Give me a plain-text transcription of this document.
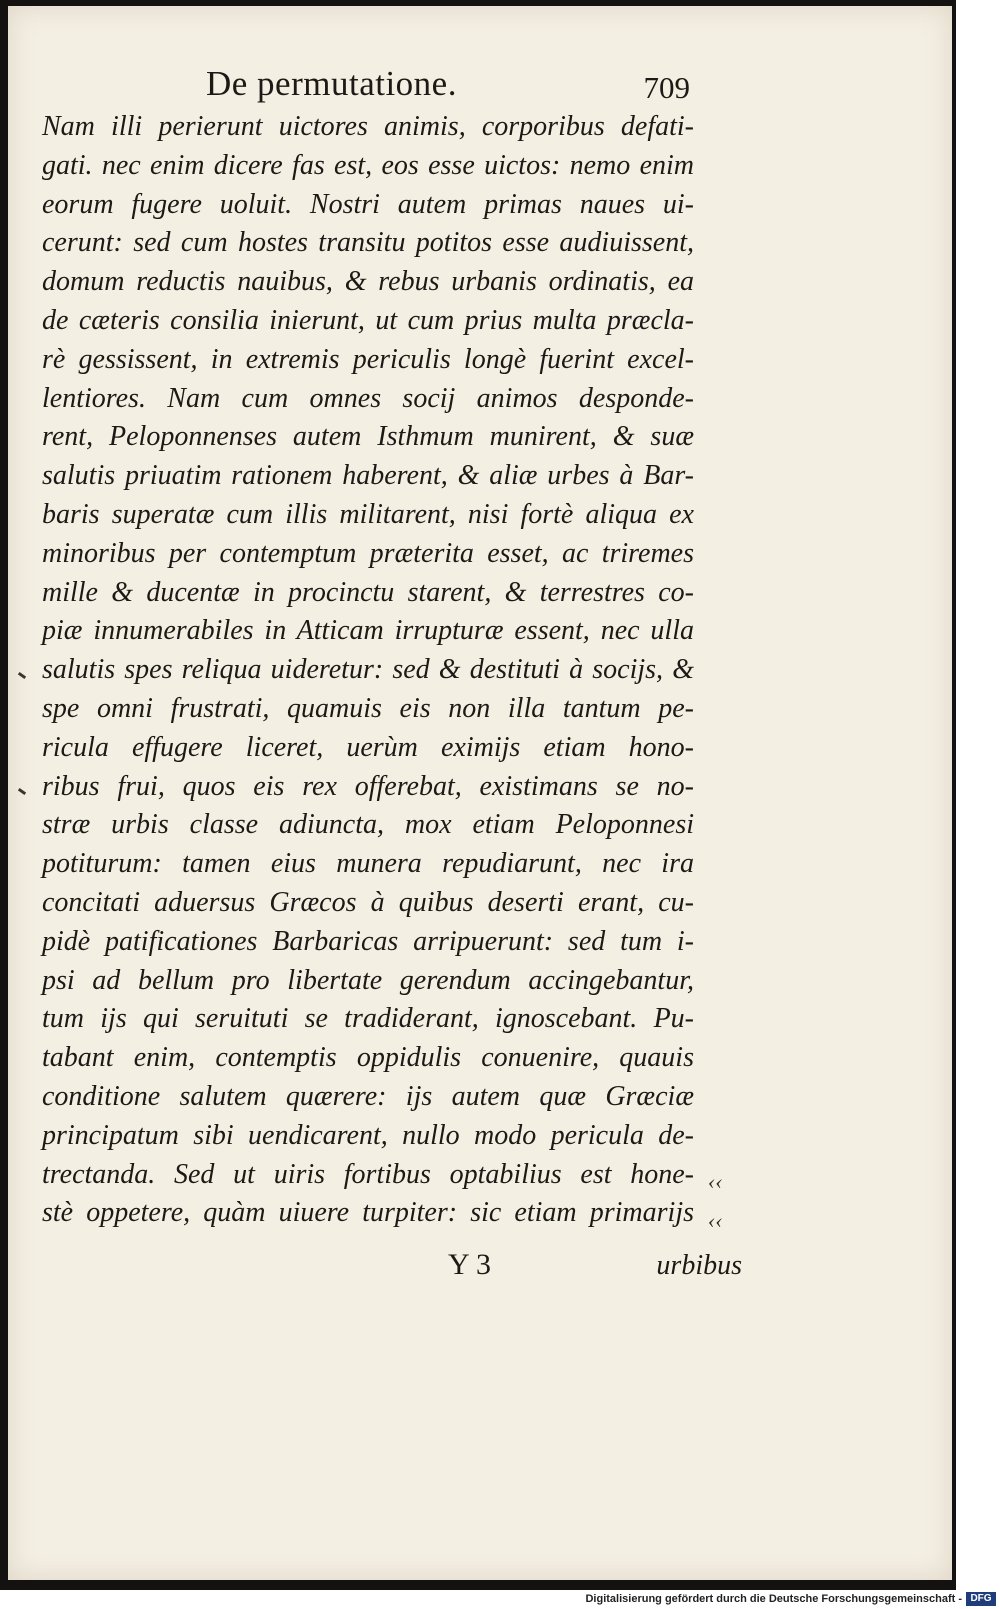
De permutatione.	709
Nam illi perierunt uictores animis, corporibus defati-
gati. nec enim dicere fas est, eos esse uictos: nemo enim
eorum fugere uoluit. Nostri autem primas naues ui-
cerunt: sed cum hostes transitu potitos esse audiuissent,
domum reductis nauibus, & rebus urbanis ordinatis, ea
de cæteris consilia inierunt, ut cum prius multa præcla-
rè gessissent, in extremis periculis longè fuerint excel-
lentiores. Nam cum omnes socij animos desponde-
rent, Peloponnenses autem Isthmum munirent, & suæ
salutis priuatim rationem haberent, & aliæ urbes à Bar-
baris superatæ cum illis militarent, nisi fortè aliqua ex
minoribus per contemptum præterita esset, ac triremes
mille & ducentæ in procinctu starent, & terrestres co-
piæ innumerabiles in Atticam irrupturæ essent, nec ulla
salutis spes reliqua uideretur: sed & destituti à socijs, &
spe omni frustrati, quamuis eis non illa tantum pe-
ricula effugere liceret, uerùm eximijs etiam hono-
ribus frui, quos eis rex offerebat, existimans se no-
stræ urbis classe adiuncta, mox etiam Peloponnesi
potiturum: tamen eius munera repudiarunt, nec ira
concitati aduersus Græcos à quibus deserti erant, cu-
pidè patificationes Barbaricas arripuerunt: sed tum i-
psi ad bellum pro libertate gerendum accingebantur,
tum ijs qui seruituti se tradiderant, ignoscebant. Pu-
tabant enim, contemptis oppidulis conuenire, quauis
conditione salutem quærere: ijs autem quæ Græciæ
principatum sibi uendicarent, nullo modo pericula de-
trectanda. Sed ut uiris fortibus optabilius est hone-
stè oppetere, quàm uiuere turpiter: sic etiam primarijs
‹‹
‹‹
Y 3	urbibus
Digitalisierung gefördert durch die Deutsche Forschungsgemeinschaft - DFG
